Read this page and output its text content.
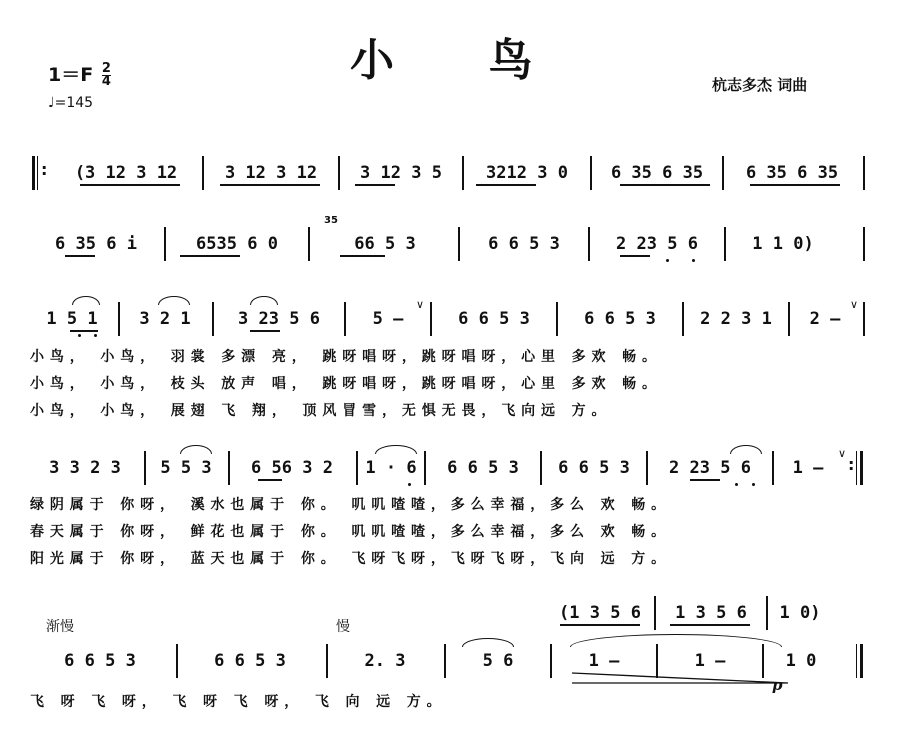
小 鸟
$1=F \frac{2}{4}$
♩=145
杭志多杰 词曲
: (3 12 3 12	3 12 3 12	3 12 3 5	3212 3 0	6 35 6 35	6 35 6 35
35
6 35 6 i	6535 6 0	66 5 3	6 6 5 3	2 23 5 6	1 1 0)
1 5 1 3 2 1	3 23 5 6	5 –	6 6 5 3	6 6 5 3	2 2 3 1 2 –
∨	∨
小鸟， 小鸟， 羽裳 多漂 亮， 跳呀唱呀，跳呀唱呀，心里 多欢 畅。
小鸟， 小鸟， 枝头 放声 唱， 跳呀唱呀，跳呀唱呀，心里 多欢 畅。
小鸟， 小鸟， 展翅 飞 翔， 顶风冒雪，无惧无畏，飞向远 方。
3 3 2 3 5 5 3 6 56 3 2 1 · 6 6 6 5 3 6 6 5 3 2 23 5 6 1 –
∨
:
绿阴属于 你呀， 溪水也属于 你。 叽叽喳喳，多么幸福，多么 欢 畅。
春天属于 你呀， 鲜花也属于 你。 叽叽喳喳，多么幸福，多么 欢 畅。
阳光属于 你呀， 蓝天也属于 你。 飞呀飞呀，飞呀飞呀，飞向 远 方。
渐慢	慢
(1 3 5 6 1 3 5 6 1 0)
6 6 5 3	6 6 5 3	2. 3	5 6	1 –	1 –	1 0
p
飞 呀 飞 呀， 飞 呀 飞 呀， 飞 向 远 方。
